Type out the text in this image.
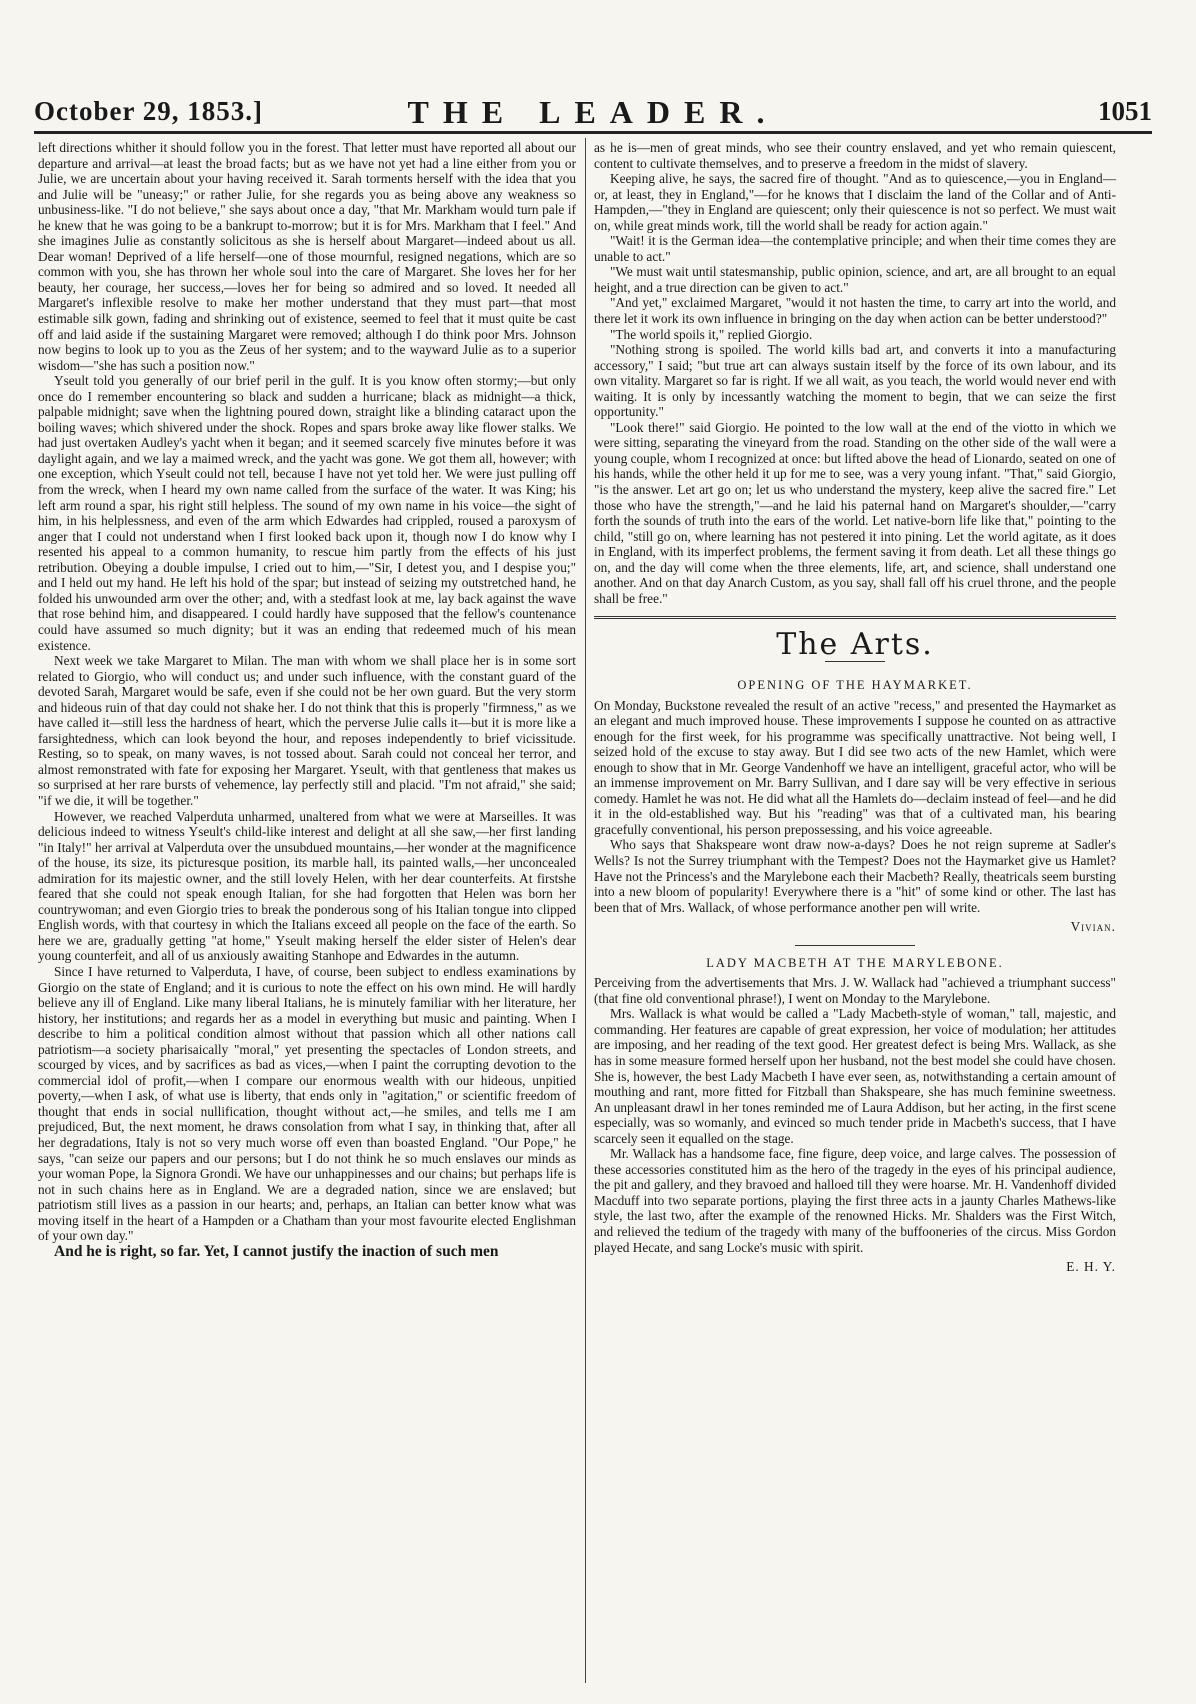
October 29, 1853.]	THE LEADER.	1051

left directions whither it should follow you in the forest. That letter must have reported all about our departure and arrival—at least the broad facts; but as we have not yet had a line either from you or Julie, we are uncertain about your having received it. Sarah torments herself with the idea that you and Julie will be "uneasy;" or rather Julie, for she regards you as being above any weakness so unbusiness-like. "I do not believe," she says about once a day, "that Mr. Markham would turn pale if he knew that he was going to be a bankrupt to-morrow; but it is for Mrs. Markham that I feel." And she imagines Julie as constantly solicitous as she is herself about Margaret—indeed about us all. Dear woman! Deprived of a life herself—one of those mournful, resigned negations, which are so common with you, she has thrown her whole soul into the care of Margaret. She loves her for her beauty, her courage, her success,—loves her for being so admired and so loved. It needed all Margaret's inflexible resolve to make her mother understand that they must part—that most estimable silk gown, fading and shrinking out of existence, seemed to feel that it must quite be cast off and laid aside if the sustaining Margaret were removed; although I do think poor Mrs. Johnson now begins to look up to you as the Zeus of her system; and to the wayward Julie as to a superior wisdom—"she has such a position now."

Yseult told you generally of our brief peril in the gulf. It is you know often stormy;—but only once do I remember encountering so black and sudden a hurricane; black as midnight—a thick, palpable midnight; save when the lightning poured down, straight like a blinding cataract upon the boiling waves; which shivered under the shock. Ropes and spars broke away like flower stalks. We had just overtaken Audley's yacht when it began; and it seemed scarcely five minutes before it was daylight again, and we lay a maimed wreck, and the yacht was gone. We got them all, however; with one exception, which Yseult could not tell, because I have not yet told her. We were just pulling off from the wreck, when I heard my own name called from the surface of the water. It was King; his left arm round a spar, his right still helpless. The sound of my own name in his voice—the sight of him, in his helplessness, and even of the arm which Edwardes had crippled, roused a paroxysm of anger that I could not understand when I first looked back upon it, though now I do know why I resented his appeal to a common humanity, to rescue him partly from the effects of his just retribution. Obeying a double impulse, I cried out to him,—"Sir, I detest you, and I despise you;" and I held out my hand. He left his hold of the spar; but instead of seizing my outstretched hand, he folded his unwounded arm over the other; and, with a stedfast look at me, lay back against the wave that rose behind him, and disappeared. I could hardly have supposed that the fellow's countenance could have assumed so much dignity; but it was an ending that redeemed much of his mean existence.

Next week we take Margaret to Milan. The man with whom we shall place her is in some sort related to Giorgio, who will conduct us; and under such influence, with the constant guard of the devoted Sarah, Margaret would be safe, even if she could not be her own guard. But the very storm and hideous ruin of that day could not shake her. I do not think that this is properly "firmness," as we have called it—still less the hardness of heart, which the perverse Julie calls it—but it is more like a farsightedness, which can look beyond the hour, and reposes independently to brief vicissitude. Resting, so to speak, on many waves, is not tossed about. Sarah could not conceal her terror, and almost remonstrated with fate for exposing her Margaret. Yseult, with that gentleness that makes us so surprised at her rare bursts of vehemence, lay perfectly still and placid. "I'm not afraid," she said; "if we die, it will be together."

However, we reached Valperduta unharmed, unaltered from what we were at Marseilles. It was delicious indeed to witness Yseult's child-like interest and delight at all she saw,—her first landing "in Italy!" her arrival at Valperduta over the unsubdued mountains,—her wonder at the magnificence of the house, its size, its picturesque position, its marble hall, its painted walls,—her unconcealed admiration for its majestic owner, and the still lovely Helen, with her dear counterfeits. At firstshe feared that she could not speak enough Italian, for she had forgotten that Helen was born her countrywoman; and even Giorgio tries to break the ponderous song of his Italian tongue into clipped English words, with that courtesy in which the Italians exceed all people on the face of the earth. So here we are, gradually getting "at home," Yseult making herself the elder sister of Helen's dear young counterfeit, and all of us anxiously awaiting Stanhope and Edwardes in the autumn.

Since I have returned to Valperduta, I have, of course, been subject to endless examinations by Giorgio on the state of England; and it is curious to note the effect on his own mind. He will hardly believe any ill of England. Like many liberal Italians, he is minutely familiar with her literature, her history, her institutions; and regards her as a model in everything but music and painting. When I describe to him a political condition almost without that passion which all other nations call patriotism—a society pharisaically "moral," yet presenting the spectacles of London streets, and scourged by vices, and by sacrifices as bad as vices,—when I paint the corrupting devotion to the commercial idol of profit,—when I compare our enormous wealth with our hideous, unpitied poverty,—when I ask, of what use is liberty, that ends only in "agitation," or scientific freedom of thought that ends in social nullification, thought without act,—he smiles, and tells me I am prejudiced, But, the next moment, he draws consolation from what I say, in thinking that, after all her degradations, Italy is not so very much worse off even than boasted England. "Our Pope," he says, "can seize our papers and our persons; but I do not think he so much enslaves our minds as your woman Pope, la Signora Grondi. We have our unhappinesses and our chains; but perhaps life is not in such chains here as in England. We are a degraded nation, since we are enslaved; but patriotism still lives as a passion in our hearts; and, perhaps, an Italian can better know what was moving itself in the heart of a Hampden or a Chatham than your most favourite elected Englishman of your own day."

And he is right, so far. Yet, I cannot justify the inaction of such men

as he is—men of great minds, who see their country enslaved, and yet who remain quiescent, content to cultivate themselves, and to preserve a freedom in the midst of slavery.

Keeping alive, he says, the sacred fire of thought. "And as to quiescence,—you in England—or, at least, they in England,"—for he knows that I disclaim the land of the Collar and of Anti-Hampden,—"they in England are quiescent; only their quiescence is not so perfect. We must wait on, while great minds work, till the world shall be ready for action again."

"Wait! it is the German idea—the contemplative principle; and when their time comes they are unable to act."

"We must wait until statesmanship, public opinion, science, and art, are all brought to an equal height, and a true direction can be given to act."

"And yet," exclaimed Margaret, "would it not hasten the time, to carry art into the world, and there let it work its own influence in bringing on the day when action can be better understood?"

"The world spoils it," replied Giorgio.

"Nothing strong is spoiled. The world kills bad art, and converts it into a manufacturing accessory," I said; "but true art can always sustain itself by the force of its own labour, and its own vitality. Margaret so far is right. If we all wait, as you teach, the world would never end with waiting. It is only by incessantly watching the moment to begin, that we can seize the first opportunity."

"Look there!" said Giorgio. He pointed to the low wall at the end of the viotto in which we were sitting, separating the vineyard from the road. Standing on the other side of the wall were a young couple, whom I recognized at once: but lifted above the head of Lionardo, seated on one of his hands, while the other held it up for me to see, was a very young infant. "That," said Giorgio, "is the answer. Let art go on; let us who understand the mystery, keep alive the sacred fire." Let those who have the strength,"—and he laid his paternal hand on Margaret's shoulder,—"carry forth the sounds of truth into the ears of the world. Let native-born life like that," pointing to the child, "still go on, where learning has not pestered it into pining. Let the world agitate, as it does in England, with its imperfect problems, the ferment saving it from death. Let all these things go on, and the day will come when the three elements, life, art, and science, shall understand one another. And on that day Anarch Custom, as you say, shall fall off his cruel throne, and the people shall be free."

The Arts.
OPENING OF THE HAYMARKET.

On Monday, Buckstone revealed the result of an active "recess," and presented the Haymarket as an elegant and much improved house. These improvements I suppose he counted on as attractive enough for the first week, for his programme was specifically unattractive. Not being well, I seized hold of the excuse to stay away. But I did see two acts of the new Hamlet, which were enough to show that in Mr. George Vandenhoff we have an intelligent, graceful actor, who will be an immense improvement on Mr. Barry Sullivan, and I dare say will be very effective in serious comedy. Hamlet he was not. He did what all the Hamlets do—declaim instead of feel—and he did it in the old-established way. But his "reading" was that of a cultivated man, his bearing gracefully conventional, his person prepossessing, and his voice agreeable.

Who says that Shakspeare wont draw now-a-days? Does he not reign supreme at Sadler's Wells? Is not the Surrey triumphant with the Tempest? Does not the Haymarket give us Hamlet? Have not the Princess's and the Marylebone each their Macbeth? Really, theatricals seem bursting into a new bloom of popularity! Everywhere there is a "hit" of some kind or other. The last has been that of Mrs. Wallack, of whose performance another pen will write.

Vivian.

LADY MACBETH AT THE MARYLEBONE.

Perceiving from the advertisements that Mrs. J. W. Wallack had "achieved a triumphant success" (that fine old conventional phrase!), I went on Monday to the Marylebone.

Mrs. Wallack is what would be called a "Lady Macbeth-style of woman," tall, majestic, and commanding. Her features are capable of great expression, her voice of modulation; her attitudes are imposing, and her reading of the text good. Her greatest defect is being Mrs. Wallack, as she has in some measure formed herself upon her husband, not the best model she could have chosen. She is, however, the best Lady Macbeth I have ever seen, as, notwithstanding a certain amount of mouthing and rant, more fitted for Fitzball than Shakspeare, she has much feminine sweetness. An unpleasant drawl in her tones reminded me of Laura Addison, but her acting, in the first scene especially, was so womanly, and evinced so much tender pride in Macbeth's success, that I have scarcely seen it equalled on the stage.

Mr. Wallack has a handsome face, fine figure, deep voice, and large calves. The possession of these accessories constituted him as the hero of the tragedy in the eyes of his principal audience, the pit and gallery, and they bravoed and halloed till they were hoarse. Mr. H. Vandenhoff divided Macduff into two separate portions, playing the first three acts in a jaunty Charles Mathews-like style, the last two, after the example of the renowned Hicks. Mr. Shalders was the First Witch, and relieved the tedium of the tragedy with many of the buffooneries of the circus. Miss Gordon played Hecate, and sang Locke's music with spirit.

E. H. Y.
